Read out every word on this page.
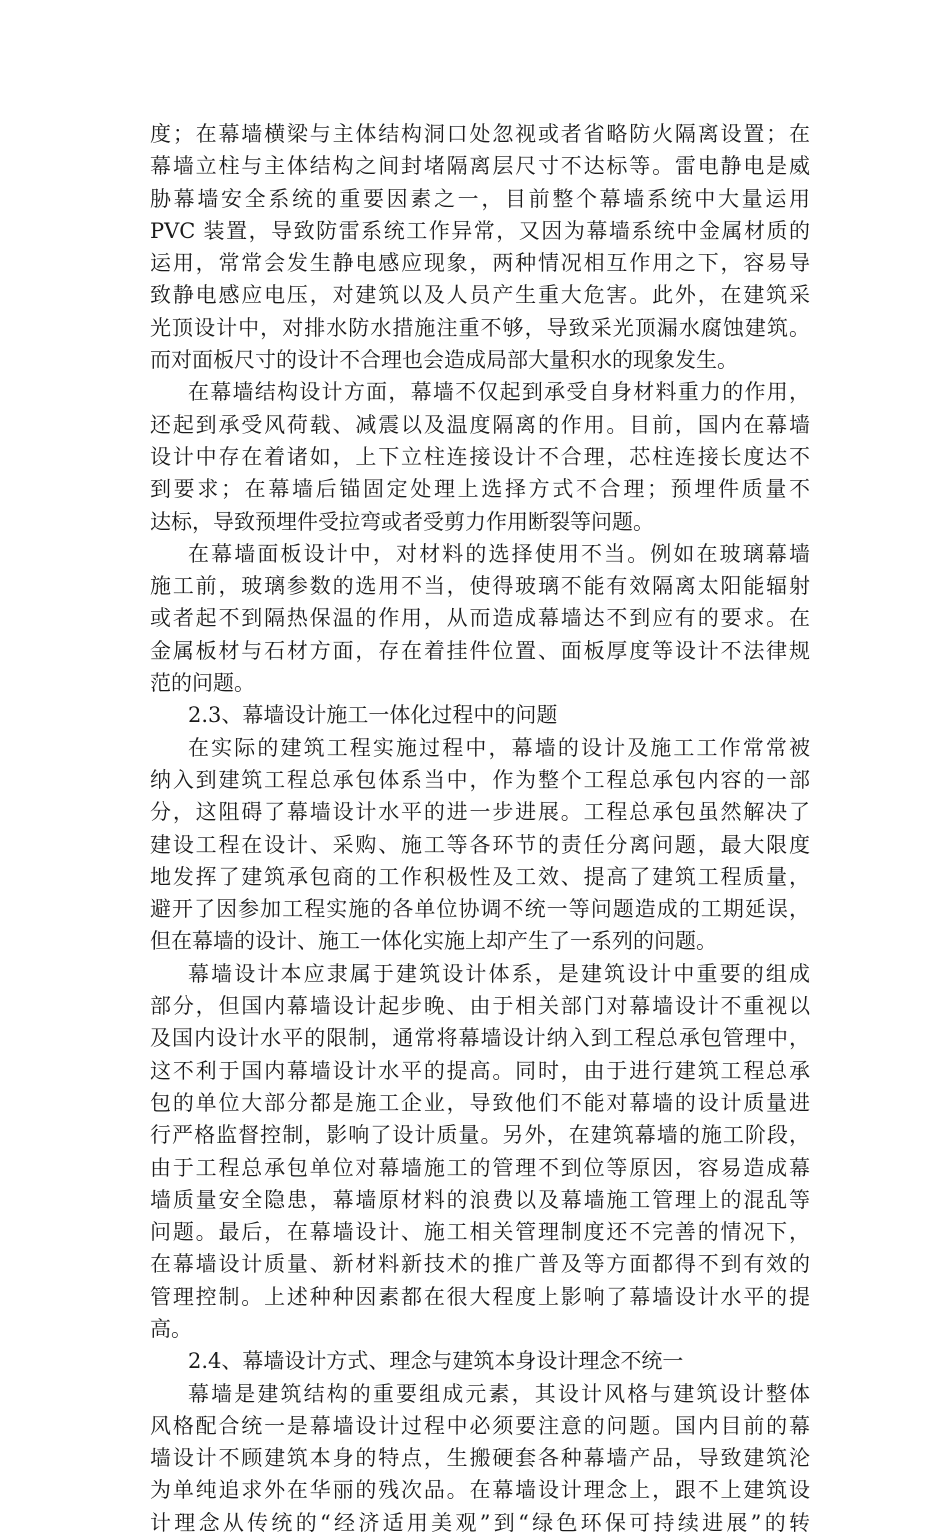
度；在幕墙横梁与主体结构洞口处忽视或者省略防火隔离设置；在
幕墙立柱与主体结构之间封堵隔离层尺寸不达标等。雷电静电是威
胁幕墙安全系统的重要因素之一，目前整个幕墙系统中大量运用
PVC 装置，导致防雷系统工作异常，又因为幕墙系统中金属材质的
运用，常常会发生静电感应现象，两种情况相互作用之下，容易导
致静电感应电压，对建筑以及人员产生重大危害。此外，在建筑采
光顶设计中，对排水防水措施注重不够，导致采光顶漏水腐蚀建筑。
而对面板尺寸的设计不合理也会造成局部大量积水的现象发生。
在幕墙结构设计方面，幕墙不仅起到承受自身材料重力的作用，
还起到承受风荷载、减震以及温度隔离的作用。目前，国内在幕墙
设计中存在着诸如，上下立柱连接设计不合理，芯柱连接长度达不
到要求；在幕墙后锚固定处理上选择方式不合理；预埋件质量不
达标，导致预埋件受拉弯或者受剪力作用断裂等问题。
在幕墙面板设计中，对材料的选择使用不当。例如在玻璃幕墙
施工前，玻璃参数的选用不当，使得玻璃不能有效隔离太阳能辐射
或者起不到隔热保温的作用，从而造成幕墙达不到应有的要求。在
金属板材与石材方面，存在着挂件位置、面板厚度等设计不法律规
范的问题。
2.3、幕墙设计施工一体化过程中的问题
在实际的建筑工程实施过程中，幕墙的设计及施工工作常常被
纳入到建筑工程总承包体系当中，作为整个工程总承包内容的一部
分，这阻碍了幕墙设计水平的进一步进展。工程总承包虽然解决了
建设工程在设计、采购、施工等各环节的责任分离问题，最大限度
地发挥了建筑承包商的工作积极性及工效、提高了建筑工程质量，
避开了因参加工程实施的各单位协调不统一等问题造成的工期延误，
但在幕墙的设计、施工一体化实施上却产生了一系列的问题。
幕墙设计本应隶属于建筑设计体系，是建筑设计中重要的组成
部分，但国内幕墙设计起步晚、由于相关部门对幕墙设计不重视以
及国内设计水平的限制，通常将幕墙设计纳入到工程总承包管理中，
这不利于国内幕墙设计水平的提高。同时，由于进行建筑工程总承
包的单位大部分都是施工企业，导致他们不能对幕墙的设计质量进
行严格监督控制，影响了设计质量。另外，在建筑幕墙的施工阶段，
由于工程总承包单位对幕墙施工的管理不到位等原因，容易造成幕
墙质量安全隐患，幕墙原材料的浪费以及幕墙施工管理上的混乱等
问题。最后，在幕墙设计、施工相关管理制度还不完善的情况下，
在幕墙设计质量、新材料新技术的推广普及等方面都得不到有效的
管理控制。上述种种因素都在很大程度上影响了幕墙设计水平的提
高。
2.4、幕墙设计方式、理念与建筑本身设计理念不统一
幕墙是建筑结构的重要组成元素，其设计风格与建筑设计整体
风格配合统一是幕墙设计过程中必须要注意的问题。国内目前的幕
墙设计不顾建筑本身的特点，生搬硬套各种幕墙产品，导致建筑沦
为单纯追求外在华丽的残次品。在幕墙设计理念上，跟不上建筑设
计理念从传统的“经济适用美观”到“绿色环保可持续进展”的转
